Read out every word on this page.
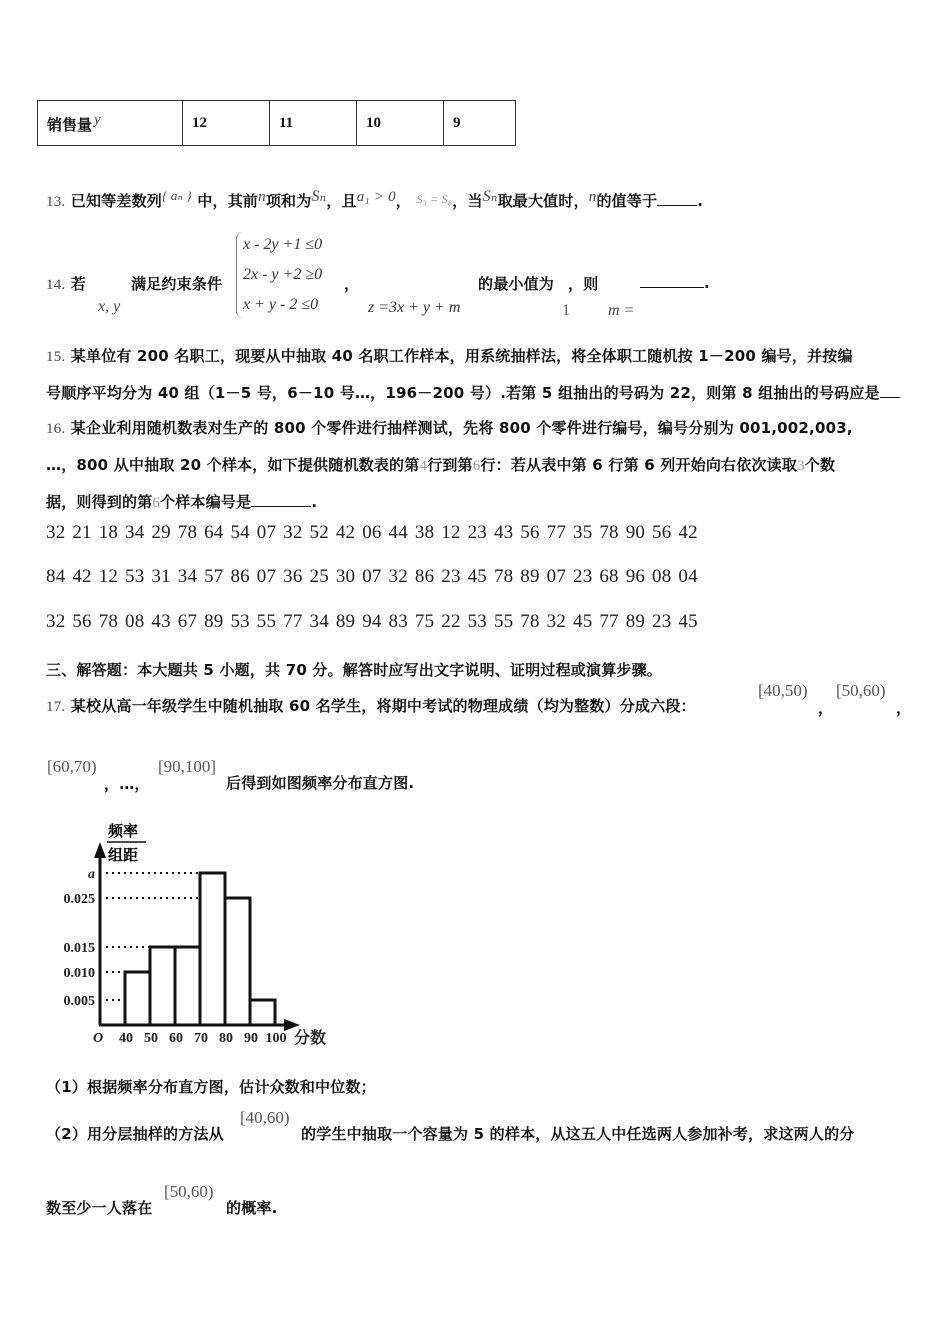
销售量 y	12	11	10	9
13. 已知等差数列{ aₙ } 中，其前n项和为Sₙ，且a₁ > 0， $^{S_3 = S_8}$，当Sₙ取最大值时，n的值等于	.
14. 若
x, y
满足约束条件
x - 2y +1 ≤0
2x - y +2 ≥0
x + y - 2 ≤0
，
z =3x + y + m
的最小值为
1
，则
m =
.
15. 某单位有 200 名职工，现要从中抽取 40 名职工作样本，用系统抽样法，将全体职工随机按 1－200 编号，并按编
号顺序平均分为 40 组（1－5 号，6－10 号…，196－200 号）.若第 5 组抽出的号码为 22，则第 8 组抽出的号码应是
16. 某企业利用随机数表对生产的 800 个零件进行抽样测试，先将 800 个零件进行编号，编号分别为 001,002,003,
…，800 从中抽取 20 个样本，如下提供随机数表的第4行到第6行：若从表中第 6 行第 6 列开始向右依次读取3个数
据，则得到的第6个样本编号是	.
32 21 18 34 29 78 64 54 07 32 52 42 06 44 38 12 23 43 56 77 35 78 90 56 42
84 42 12 53 31 34 57 86 07 36 25 30 07 32 86 23 45 78 89 07 23 68 96 08 04
32 56 78 08 43 67 89 53 55 77 34 89 94 83 75 22 53 55 78 32 45 77 89 23 45
三、解答题：本大题共 5 小题，共 70 分。解答时应写出文字说明、证明过程或演算步骤。
17. 某校从高一年级学生中随机抽取 60 名学生，将期中考试的物理成绩（均为整数）分成六段：
[40,50)
，
[50,60)
，
[60,70)
，…，
[90,100]
后得到如图频率分布直方图.
频率
组距
a
0.025
0.015
0.010
0.005
O 40 50 60 70 80 90 100 分数
（1）根据频率分布直方图，估计众数和中位数；
（2）用分层抽样的方法从
[40,60)
的学生中抽取一个容量为 5 的样本，从这五人中任选两人参加补考，求这两人的分
数至少一人落在
[50,60)
的概率.
